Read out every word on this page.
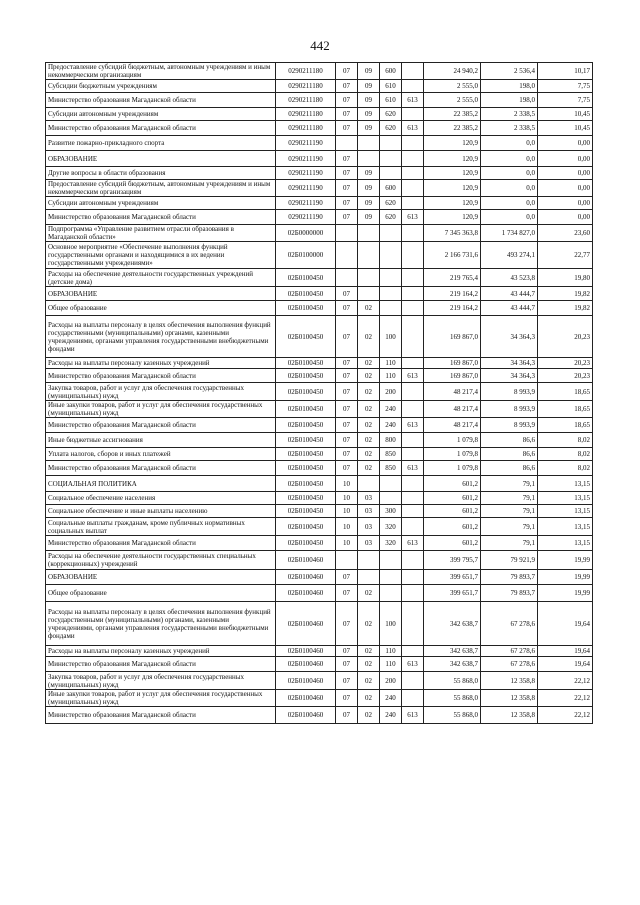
442
Предоставление субсидий бюджетным, автономным учреждениям и иным некоммерческим организациям	0290211180	07	09	600		24 940,2	2 536,4	10,17
Субсидии бюджетным учреждениям	0290211180	07	09	610		2 555,0	198,0	7,75
Министерство образования Магаданской области	0290211180	07	09	610	613	2 555,0	198,0	7,75
Субсидии автономным учреждениям	0290211180	07	09	620		22 385,2	2 338,5	10,45
Министерство образования Магаданской области	0290211180	07	09	620	613	22 385,2	2 338,5	10,45
Развитие пожарно-прикладного спорта	0290211190					120,9	0,0	0,00
ОБРАЗОВАНИЕ	0290211190	07				120,9	0,0	0,00
Другие вопросы в области образования	0290211190	07	09			120,9	0,0	0,00
Предоставление субсидий бюджетным, автономным учреждениям и иным некоммерческим организациям	0290211190	07	09	600		120,9	0,0	0,00
Субсидии автономным учреждениям	0290211190	07	09	620		120,9	0,0	0,00
Министерство образования Магаданской области	0290211190	07	09	620	613	120,9	0,0	0,00
Подпрограмма «Управление развитием отрасли образования в Магаданской области»	02Б0000000					7 345 363,8	1 734 827,0	23,60
Основное мероприятие «Обеспечение выполнения функций государственными органами и находящимися в их ведении государственными учреждениями»	02Б0100000					2 166 731,6	493 274,1	22,77
Расходы на обеспечение деятельности государственных учреждений (детские дома)	02Б0100450					219 765,4	43 523,8	19,80
ОБРАЗОВАНИЕ	02Б0100450	07				219 164,2	43 444,7	19,82
Общее образование	02Б0100450	07	02			219 164,2	43 444,7	19,82
Расходы на выплаты персоналу в целях обеспечения выполнения функций государственными (муниципальными) органами, казенными учреждениями, органами управления государственными внебюджетными фондами	02Б0100450	07	02	100		169 867,0	34 364,3	20,23
Расходы на выплаты персоналу казенных учреждений	02Б0100450	07	02	110		169 867,0	34 364,3	20,23
Министерство образования Магаданской области	02Б0100450	07	02	110	613	169 867,0	34 364,3	20,23
Закупка товаров, работ и услуг для обеспечения государственных (муниципальных) нужд	02Б0100450	07	02	200		48 217,4	8 993,9	18,65
Иные закупки товаров, работ и услуг для обеспечения государственных (муниципальных) нужд	02Б0100450	07	02	240		48 217,4	8 993,9	18,65
Министерство образования Магаданской области	02Б0100450	07	02	240	613	48 217,4	8 993,9	18,65
Иные бюджетные ассигнования	02Б0100450	07	02	800		1 079,8	86,6	8,02
Уплата налогов, сборов и иных платежей	02Б0100450	07	02	850		1 079,8	86,6	8,02
Министерство образования Магаданской области	02Б0100450	07	02	850	613	1 079,8	86,6	8,02
СОЦИАЛЬНАЯ ПОЛИТИКА	02Б0100450	10				601,2	79,1	13,15
Социальное обеспечение населения	02Б0100450	10	03			601,2	79,1	13,15
Социальное обеспечение и иные выплаты населению	02Б0100450	10	03	300		601,2	79,1	13,15
Социальные выплаты гражданам, кроме публичных нормативных социальных выплат	02Б0100450	10	03	320		601,2	79,1	13,15
Министерство образования Магаданской области	02Б0100450	10	03	320	613	601,2	79,1	13,15
Расходы на обеспечение деятельности государственных специальных (коррекционных) учреждений	02Б0100460					399 795,7	79 921,9	19,99
ОБРАЗОВАНИЕ	02Б0100460	07				399 651,7	79 893,7	19,99
Общее образование	02Б0100460	07	02			399 651,7	79 893,7	19,99
Расходы на выплаты персоналу в целях обеспечения выполнения функций государственными (муниципальными) органами, казенными учреждениями, органами управления государственными внебюджетными фондами	02Б0100460	07	02	100		342 638,7	67 278,6	19,64
Расходы на выплаты персоналу казенных учреждений	02Б0100460	07	02	110		342 638,7	67 278,6	19,64
Министерство образования Магаданской области	02Б0100460	07	02	110	613	342 638,7	67 278,6	19,64
Закупка товаров, работ и услуг для обеспечения государственных (муниципальных) нужд	02Б0100460	07	02	200		55 868,0	12 358,8	22,12
Иные закупки товаров, работ и услуг для обеспечения государственных (муниципальных) нужд	02Б0100460	07	02	240		55 868,0	12 358,8	22,12
Министерство образования Магаданской области	02Б0100460	07	02	240	613	55 868,0	12 358,8	22,12
